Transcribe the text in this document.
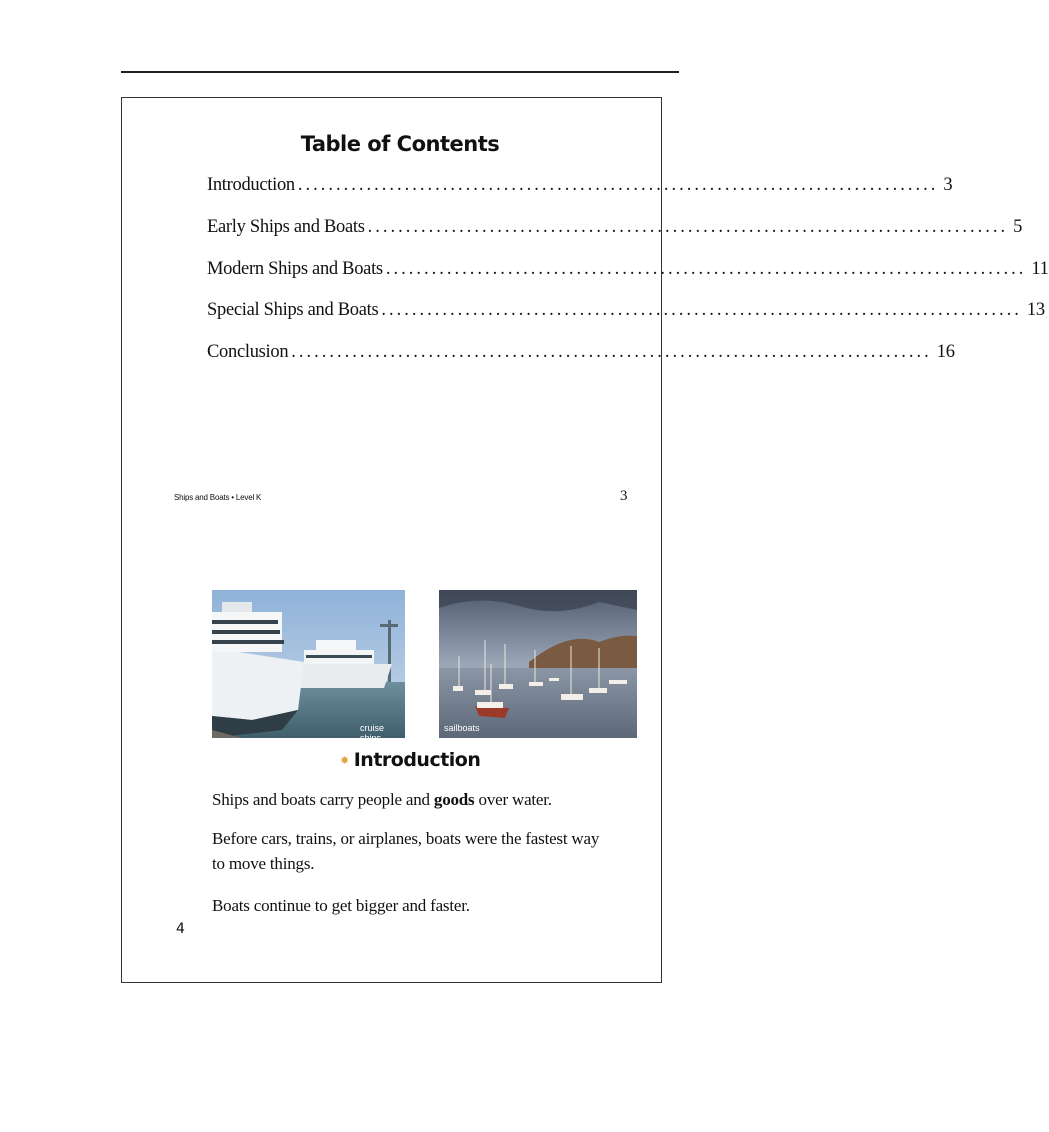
Table of Contents
Introduction .................................................................................... 3
Early Ships and Boats .................................................................................... 5
Modern Ships and Boats .................................................................................... 11
Special Ships and Boats .................................................................................... 13
Conclusion .................................................................................... 16
Ships and Boats • Level K	3
cruise ships
sailboats
✸ Introduction
Ships and boats carry people and goods over water.
Before cars, trains, or airplanes, boats were the fastest way to move things.
Boats continue to get bigger and faster.
4
